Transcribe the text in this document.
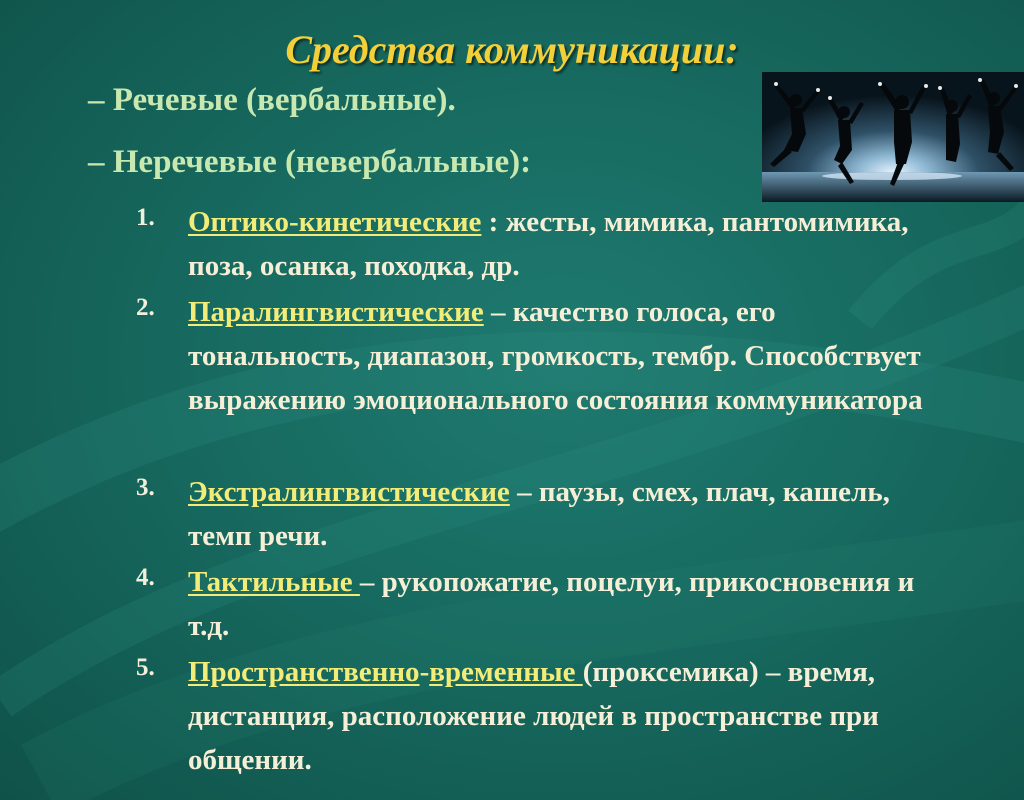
Средства коммуникации:

– Речевые (вербальные).

– Неречевые (невербальные):

1.	Оптико-кинетические : жесты, мимика, пантомимика, поза, осанка, походка, др.

2.	Паралингвистические – качество голоса, его тональность, диапазон, громкость, тембр. Способствует выражению эмоционального состояния коммуникатора

3.	Экстралингвистические – паузы, смех, плач, кашель, темп речи.

4.	Тактильные – рукопожатие, поцелуи, прикосновения и т.д.

5.	Пространственно-временные (проксемика) – время, дистанция, расположение людей в пространстве при общении.
